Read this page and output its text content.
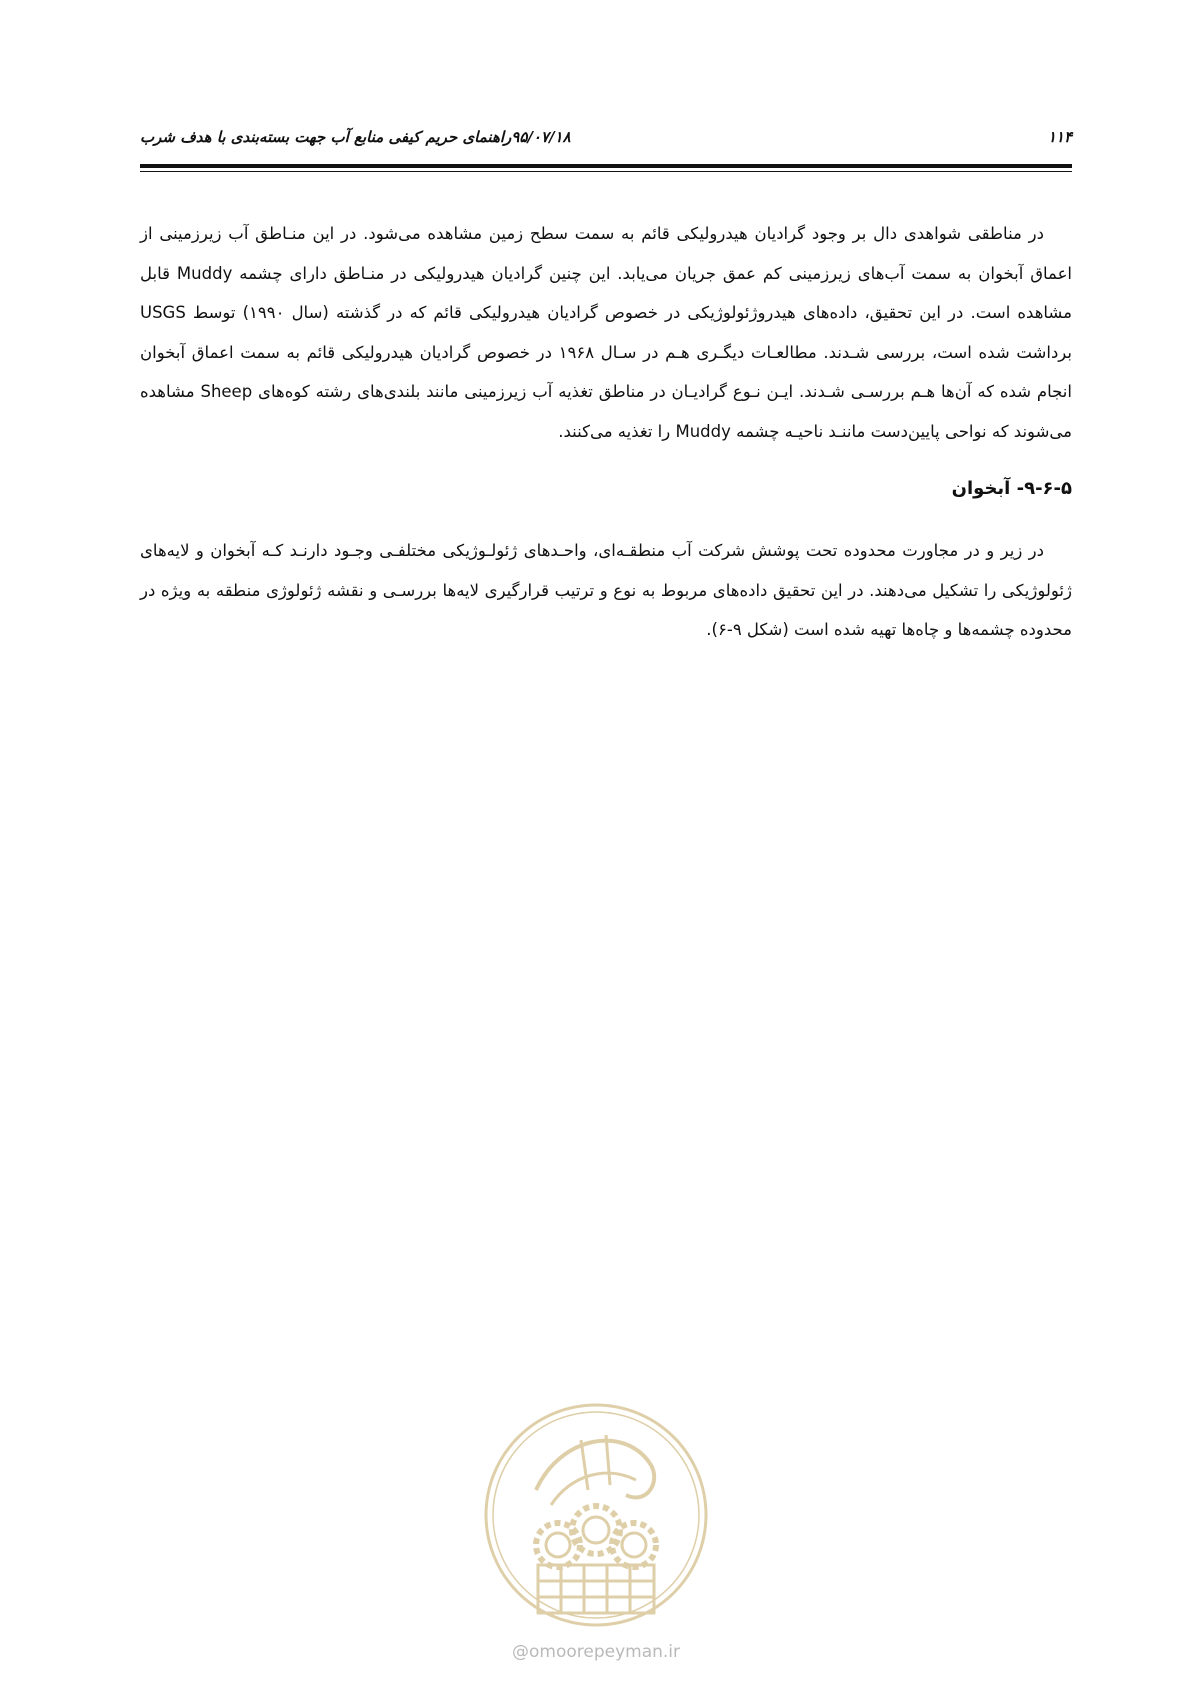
۱۱۴
۹۵/۰۷/۱۸راهنمای حریم کیفی منابع آب جهت بسته‌بندی با هدف شرب

در مناطقی شواهدی دال بر وجود گرادیان هیدرولیکی قائم به سمت سطح زمین مشاهده می‌شود. در این منـاطق آب زیرزمینی از اعماق آبخوان به سمت آب‌های زیرزمینی کم عمق جریان می‌یابد. این چنین گرادیان هیدرولیکی در منـاطق دارای چشمه Muddy قابل مشاهده است. در این تحقیق، داده‌های هیدروژئولوژیکی در خصوص گرادیان هیدرولیکی قائم که در گذشته (سال ۱۹۹۰) توسط USGS برداشت شده است، بررسی شـدند. مطالعـات دیگـری هـم در سـال ۱۹۶۸ در خصوص گرادیان هیدرولیکی قائم به سمت اعماق آبخوان انجام شده که آن‌ها هـم بررسـی شـدند. ایـن نـوع گرادیـان در مناطق تغذیه آب زیرزمینی مانند بلندی‌های رشته کوه‌های Sheep مشاهده می‌شوند که نواحی پایین‌دست ماننـد ناحیـه چشمه Muddy را تغذیه می‌کنند.

۹-۶-۵- آبخوان

در زیر و در مجاورت محدوده تحت پوشش شرکت آب منطقـه‌ای، واحـدهای ژئولـوژیکی مختلفـی وجـود دارنـد کـه آبخوان و لایه‌های ژئولوژیکی را تشکیل می‌دهند. در این تحقیق داده‌های مربوط به نوع و ترتیب قرارگیری لایه‌ها بررسـی و نقشه ژئولوژی منطقه به ویژه در محدوده چشمه‌ها و چاه‌ها تهیه شده است (شکل ۹-۶).

@omoorepeyman.ir
